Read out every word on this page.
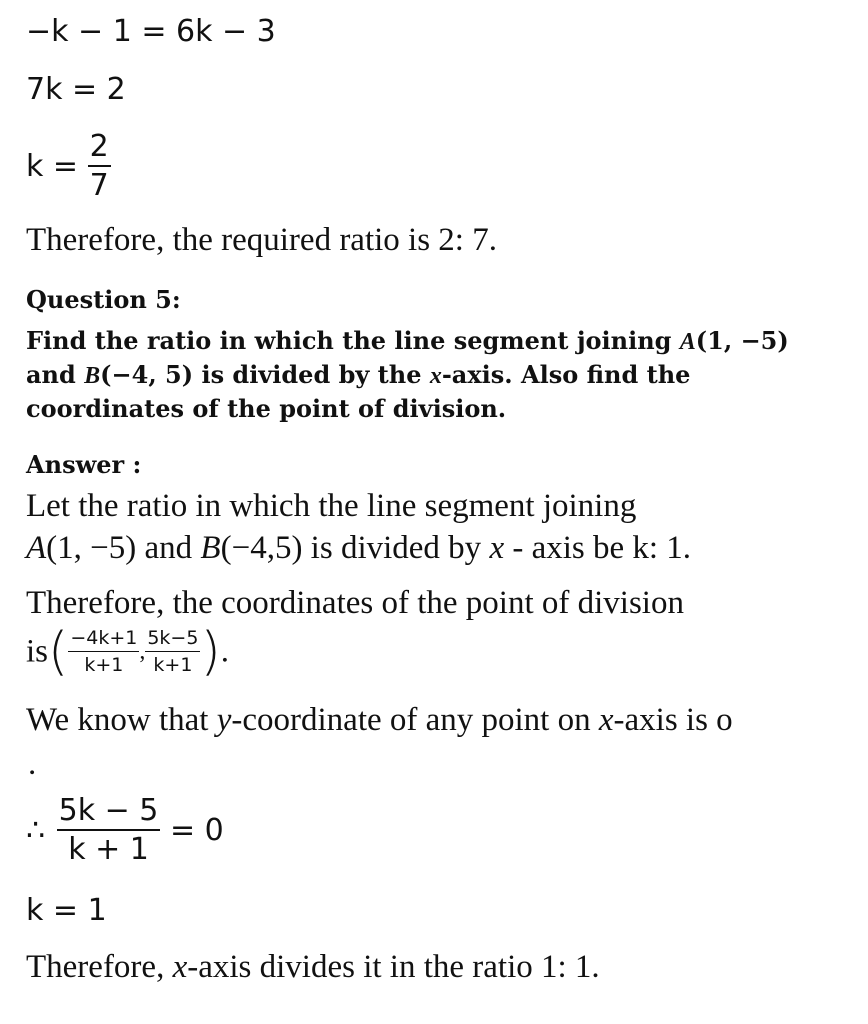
−k − 1 = 6k − 3
7k = 2
$k = \frac{2}{7}$
Therefore, the required ratio is 2: 7.
Question 5:
Find the ratio in which the line segment joining A(1, −5)
and B(−4, 5) is divided by the x-axis. Also find the
coordinates of the point of division.
Answer :
Let the ratio in which the line segment joining
A(1, −5) and B(−4,5) is divided by x - axis be k: 1.
Therefore, the coordinates of the point of division
$is( \frac{-4k+1}{k+1}$ , $\frac{5k-5}{k+1}$ ).
We know that y-coordinate of any point on x-axis is o
.
∴ $\frac{5k - 5}{k + 1} = 0$
k = 1
Therefore, x-axis divides it in the ratio 1: 1.
